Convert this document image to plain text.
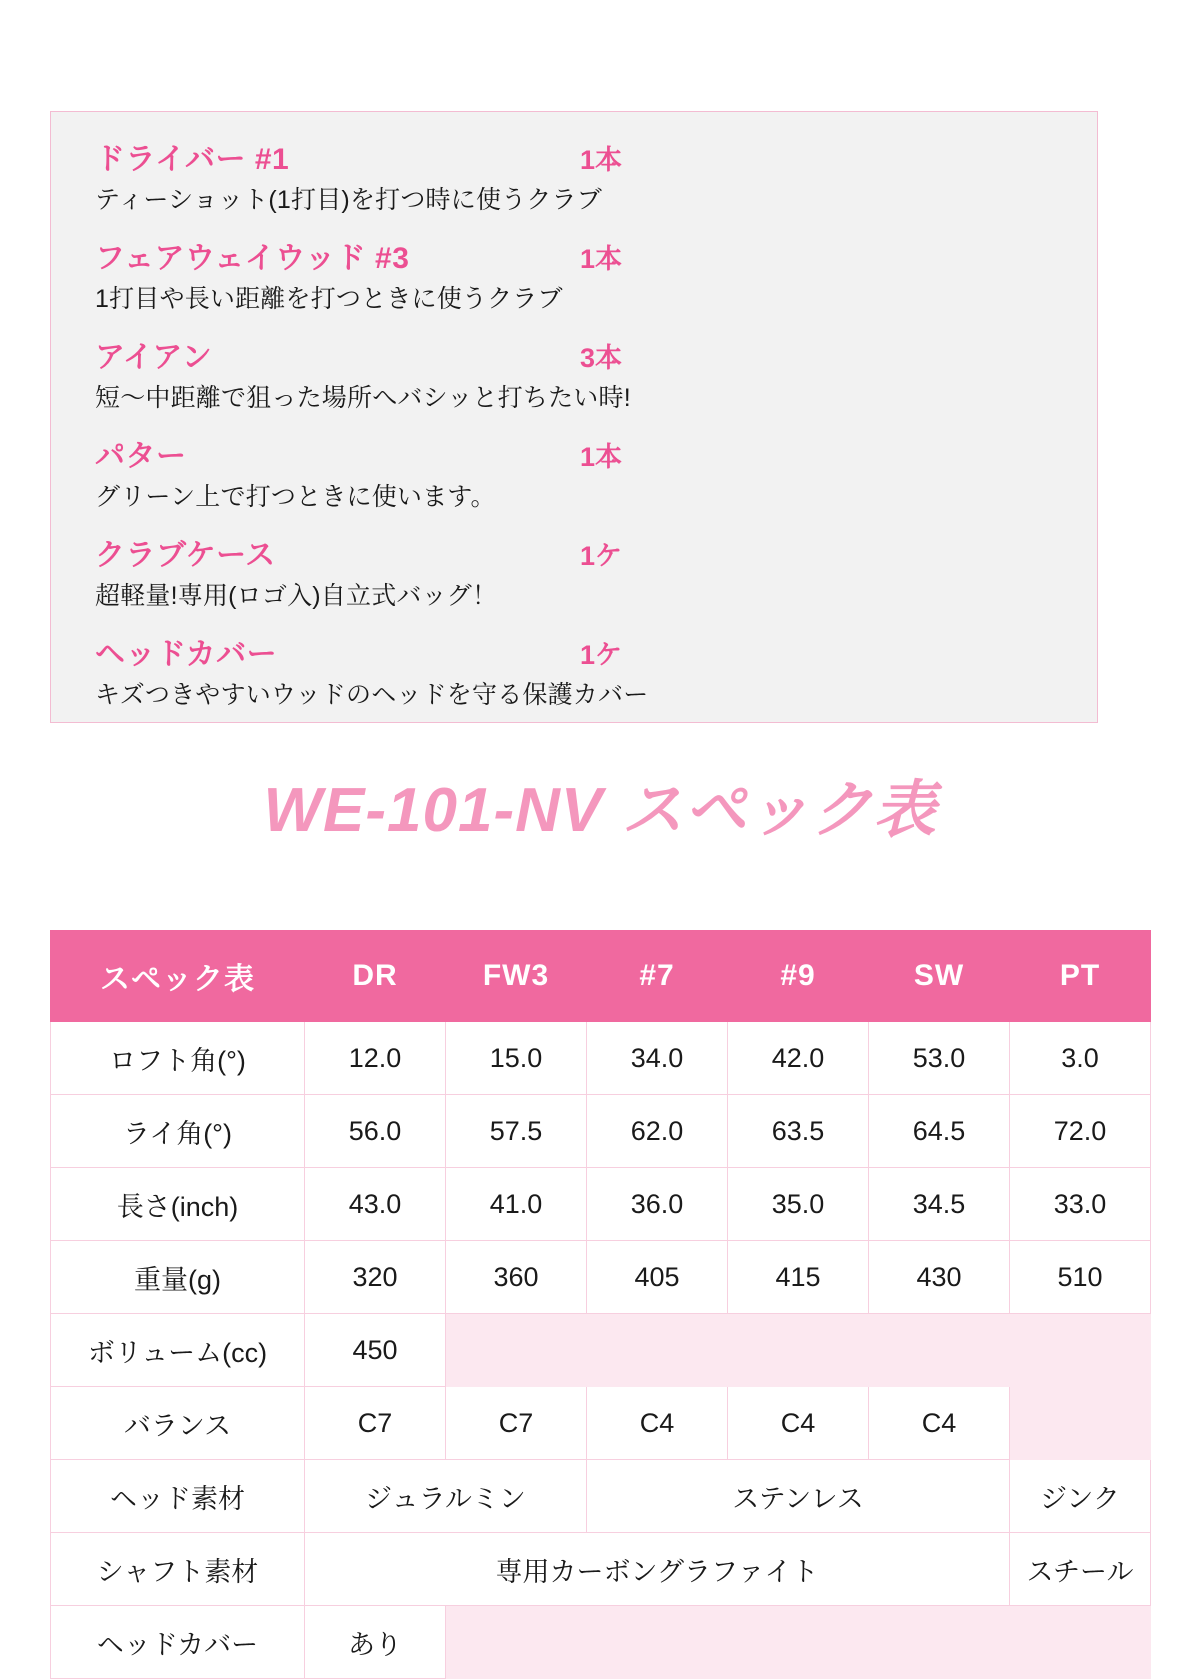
ドライバー #1	1本
ティーショット(1打目)を打つ時に使うクラブ
フェアウェイウッド #3	1本
1打目や長い距離を打つときに使うクラブ
アイアン	3本
短〜中距離で狙った場所へバシッと打ちたい時!
パター	1本
グリーン上で打つときに使います。
クラブケース	1ケ
超軽量!専用(ロゴ入)自立式バッグ！
ヘッドカバー	1ケ
キズつきやすいウッドのヘッドを守る保護カバー
WE-101-NV スペック表
スペック表	DR	FW3	#7	#9	SW	PT
ロフト角(°)	12.0	15.0	34.0	42.0	53.0	3.0
ライ角(°)	56.0	57.5	62.0	63.5	64.5	72.0
長さ(inch)	43.0	41.0	36.0	35.0	34.5	33.0
重量(g)	320	360	405	415	430	510
ボリューム(cc)	450					
バランス	C7	C7	C4	C4	C4	
ヘッド素材	ジュラルミン		ステンレス			ジンク
シャフト素材	専用カーボングラファイト					スチール
ヘッドカバー	あり					
